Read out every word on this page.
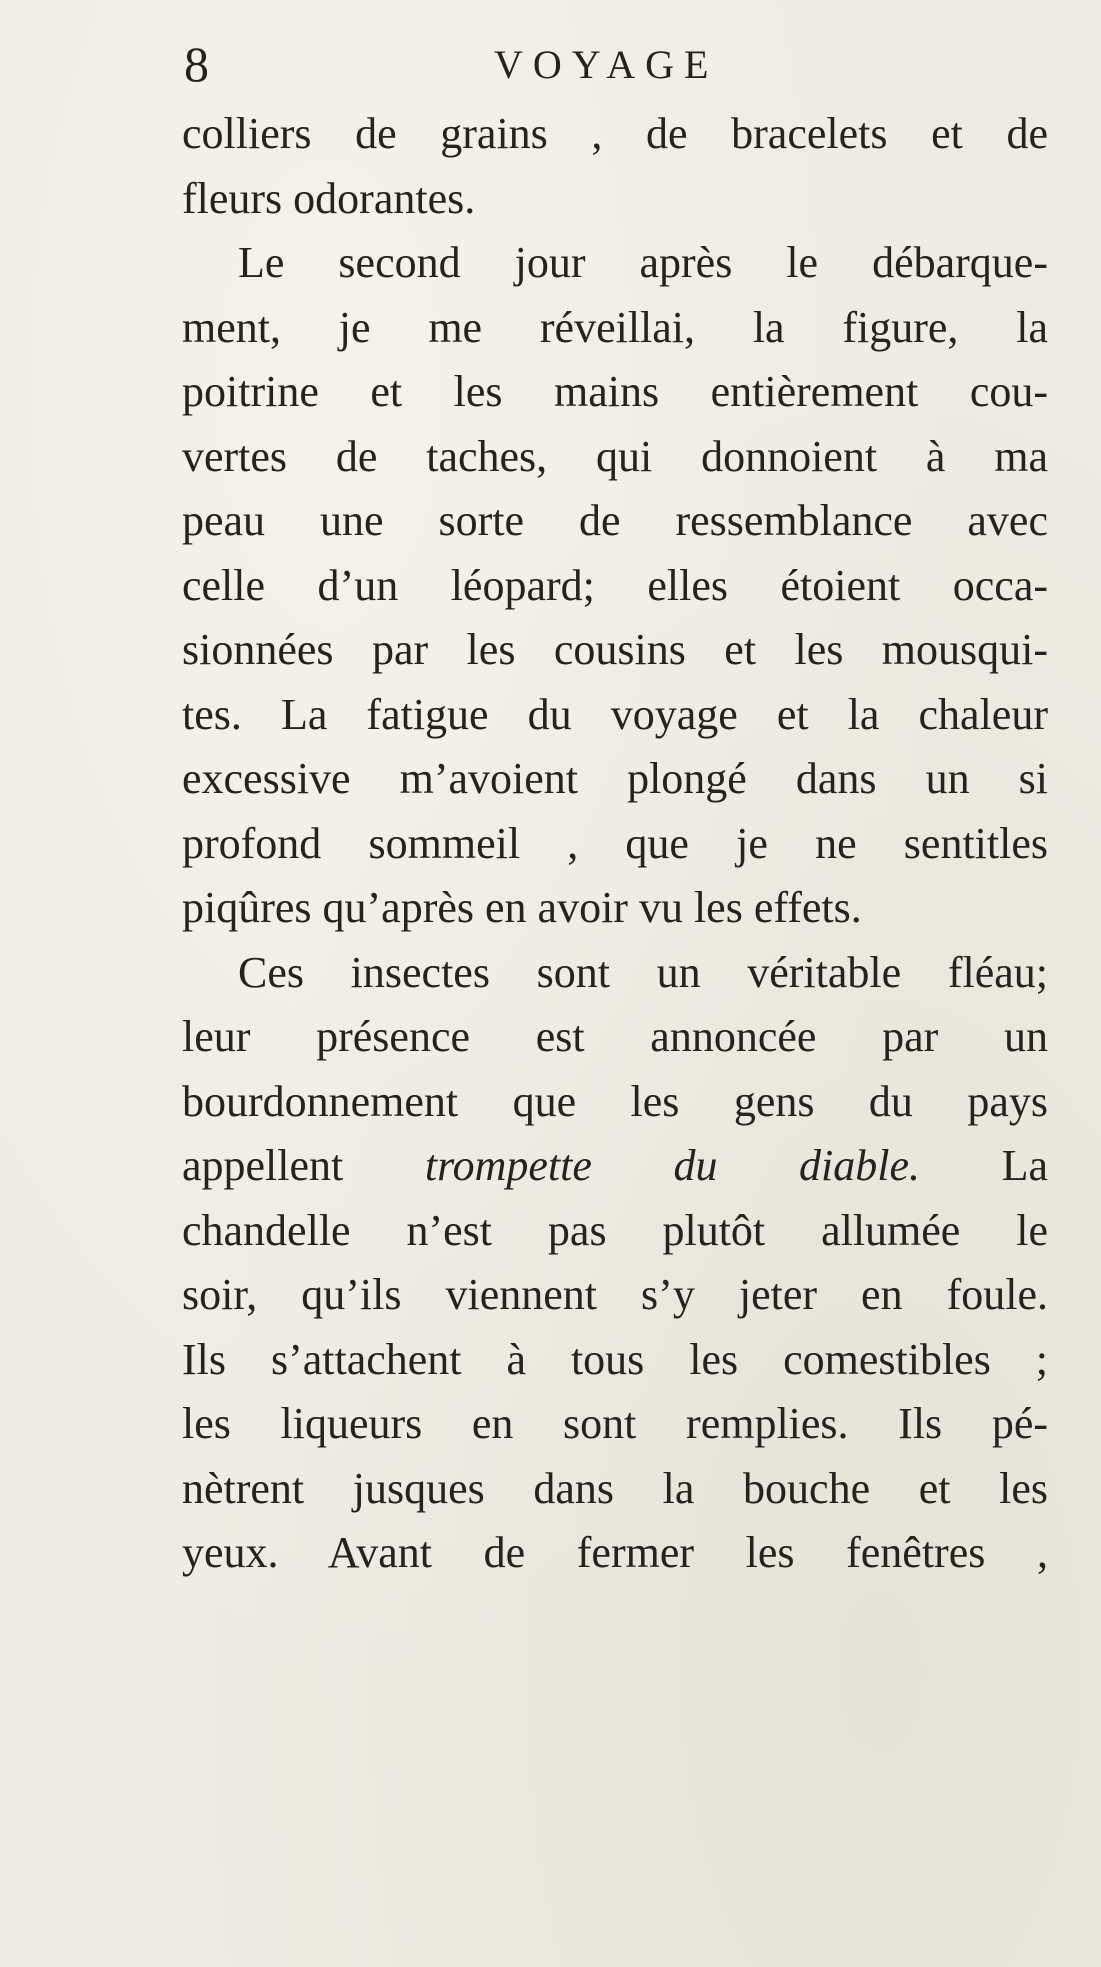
8	VOYAGE
colliers de grains , de bracelets et de
fleurs odorantes.
Le second jour après le débarque-
ment, je me réveillai, la figure, la
poitrine et les mains entièrement cou-
vertes de taches, qui donnoient à ma
peau une sorte de ressemblance avec
celle d’un léopard; elles étoient occa-
sionnées par les cousins et les mousqui-
tes. La fatigue du voyage et la chaleur
excessive m’avoient plongé dans un si
profond sommeil , que je ne sentitles
piqûres qu’après en avoir vu les effets.
Ces insectes sont un véritable fléau;
leur présence est annoncée par un
bourdonnement que les gens du pays
appellent trompette du diable. La
chandelle n’est pas plutôt allumée le
soir, qu’ils viennent s’y jeter en foule.
Ils s’attachent à tous les comestibles ;
les liqueurs en sont remplies. Ils pé-
nètrent jusques dans la bouche et les
yeux. Avant de fermer les fenêtres ,
